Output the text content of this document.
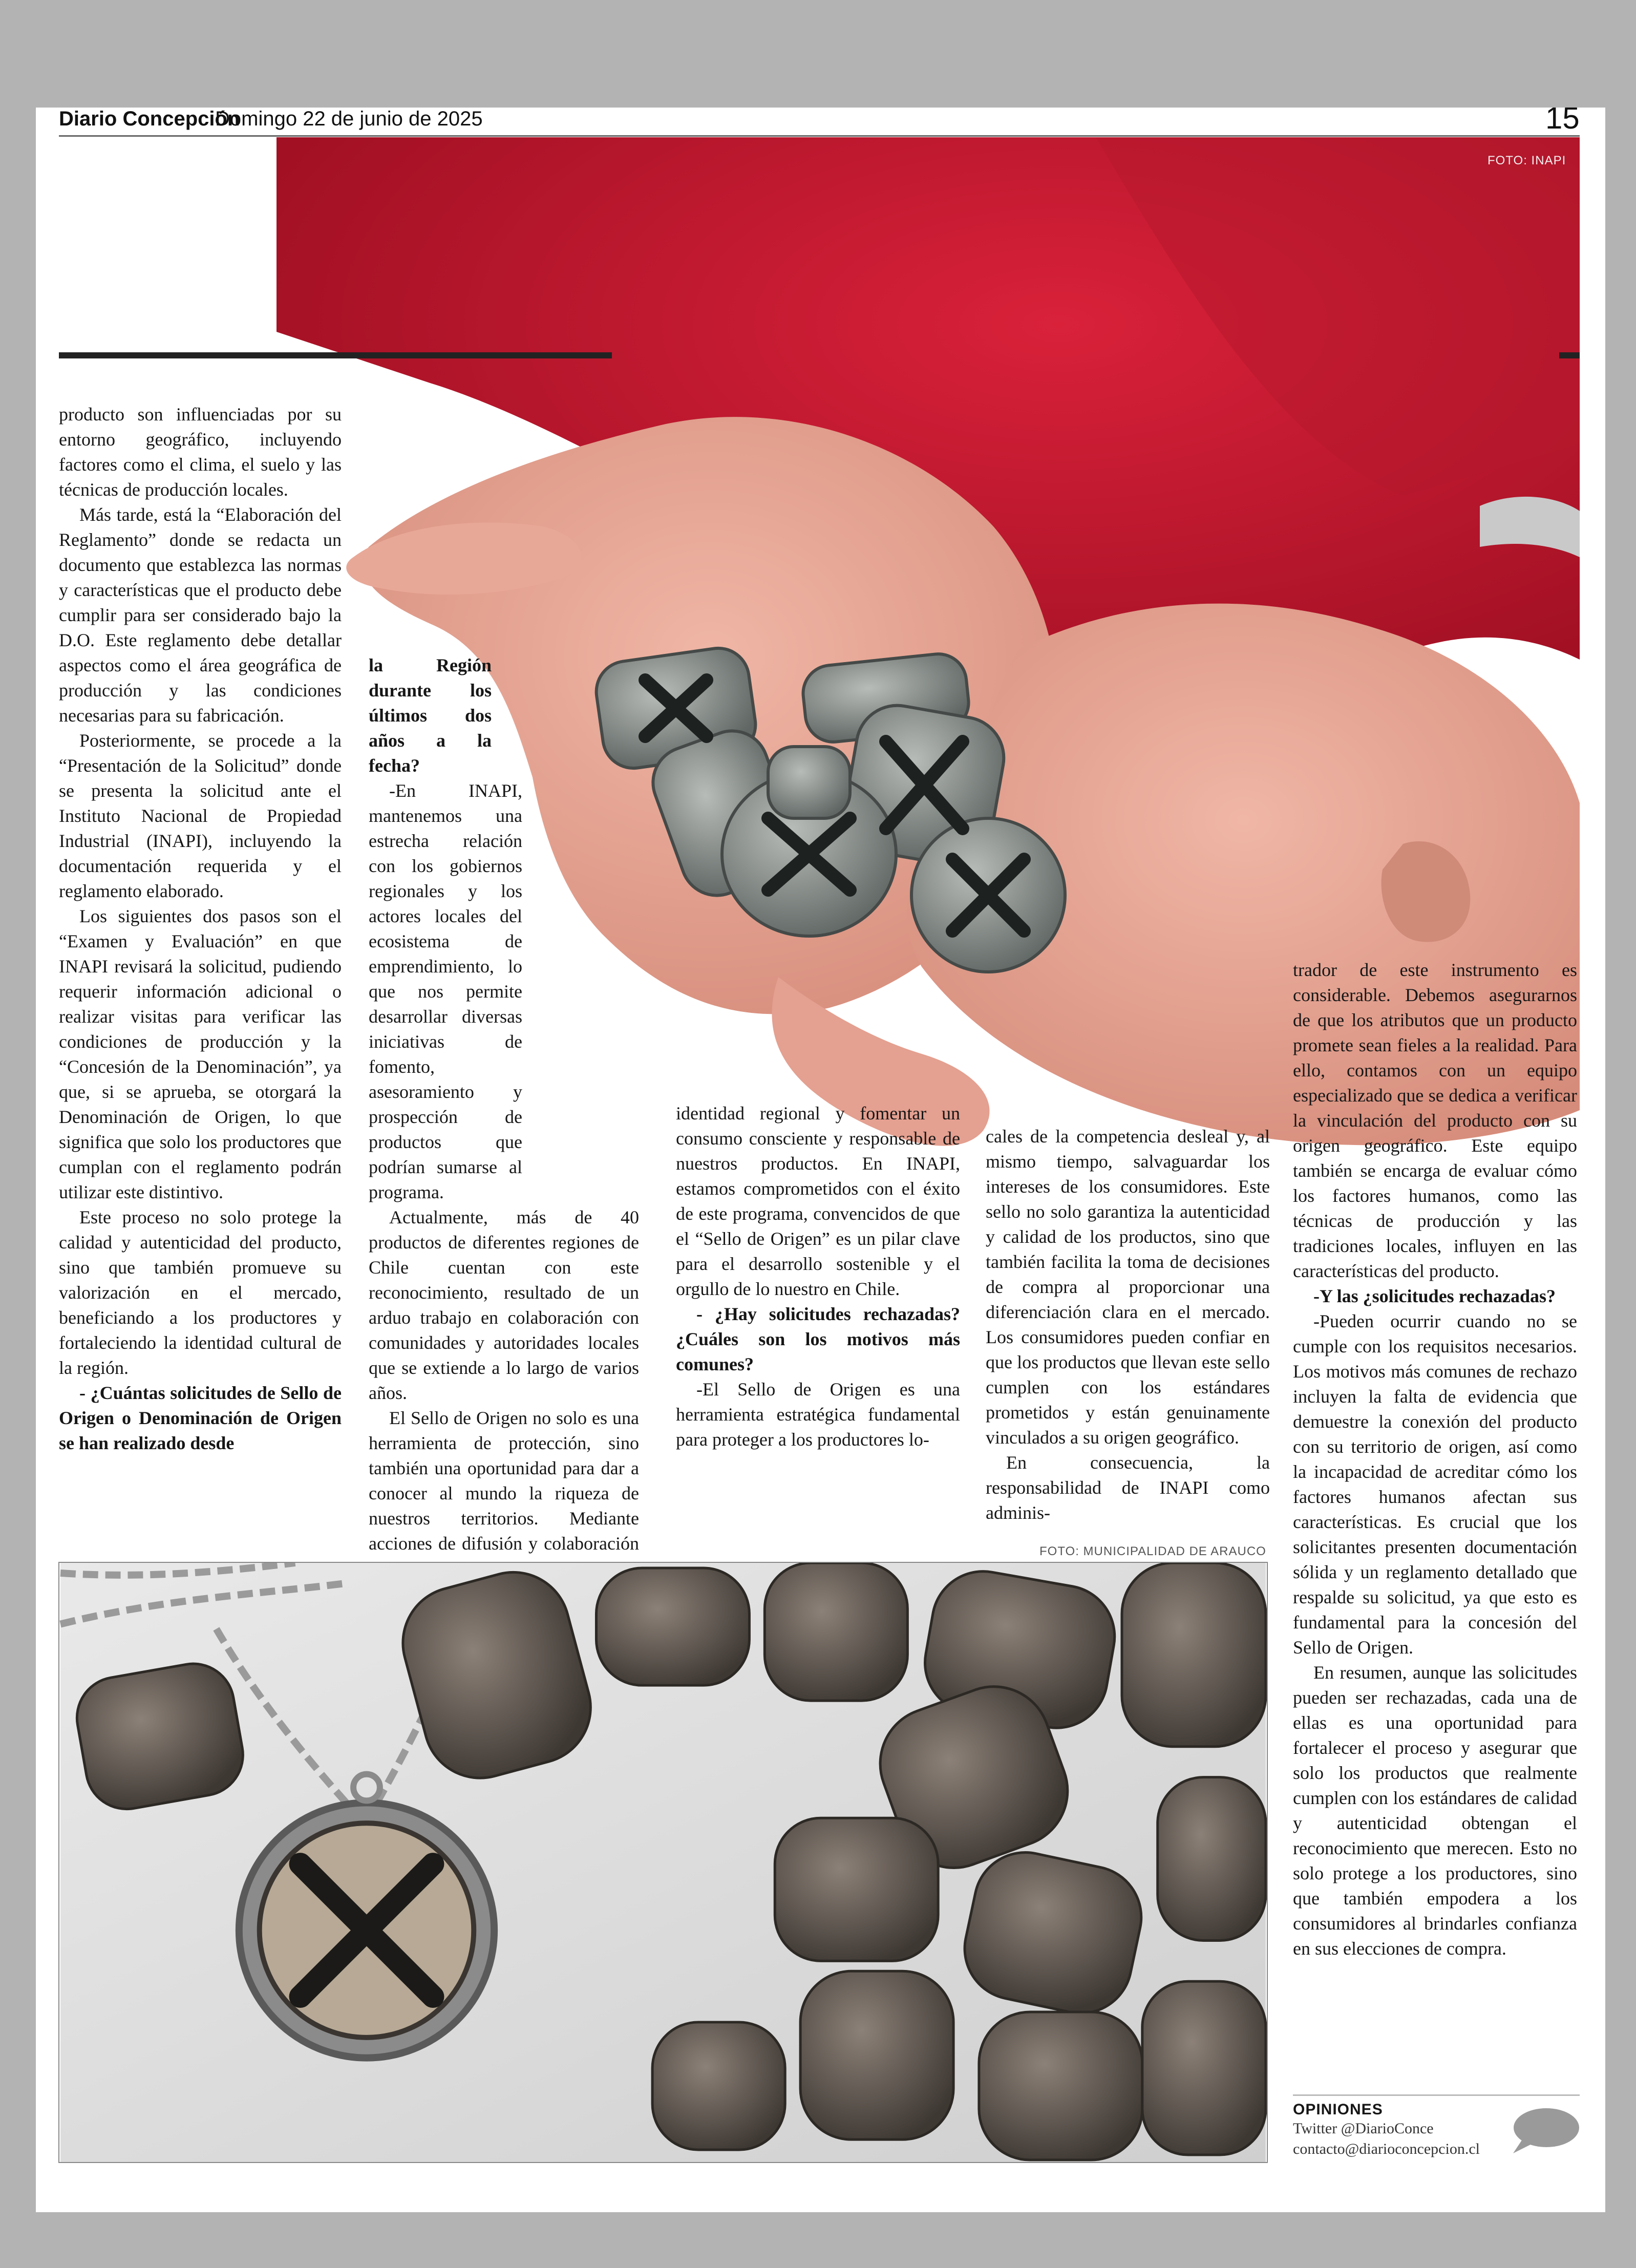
Diario Concepción
Domingo 22 de junio de 2025	15
FOTO: INAPI

producto son influenciadas por su entorno geográfico, incluyendo factores como el clima, el suelo y las técnicas de producción locales.

Más tarde, está la “Elaboración del Reglamento” donde se redacta un documento que establezca las normas y características que el producto debe cumplir para ser considerado bajo la D.O. Este reglamento debe detallar aspectos como el área geográfica de producción y las condiciones necesarias para su fabricación.

Posteriormente, se procede a la “Presentación de la Solicitud” donde se presenta la solicitud ante el Instituto Nacional de Propiedad Industrial (INAPI), incluyendo la documentación requerida y el reglamento elaborado.

Los siguientes dos pasos son el “Examen y Evaluación” en que INAPI revisará la solicitud, pudiendo requerir información adicional o realizar visitas para verificar las condiciones de producción y la “Concesión de la Denominación”, ya que, si se aprueba, se otorgará la Denominación de Origen, lo que significa que solo los productores que cumplan con el reglamento podrán utilizar este distintivo.

Este proceso no solo protege la calidad y autenticidad del producto, sino que también promueve su valorización en el mercado, beneficiando a los productores y fortaleciendo la identidad cultural de la región.

- ¿Cuántas solicitudes de Sello de Origen o Denominación de Origen se han realizado desde

la Región durante los últimos dos años a la fecha?

-En INAPI, mantenemos una estrecha relación con los gobiernos regionales y los actores locales del ecosistema de emprendimiento, lo que nos permite desarrollar diversas iniciativas de fomento, asesoramiento y prospección de productos que podrían sumarse al programa.

Actualmente, más de 40 productos de diferentes regiones de Chile cuentan con este reconocimiento, resultado de un arduo trabajo en colaboración con comunidades y autoridades locales que se extiende a lo largo de varios años.

El Sello de Origen no solo es una herramienta de protección, sino también una oportunidad para dar a conocer al mundo la riqueza de nuestros territorios. Mediante acciones de difusión y colaboración

identidad regional y fomentar un consumo consciente y responsable de nuestros productos. En INAPI, estamos comprometidos con el éxito de este programa, convencidos de que el “Sello de Origen” es un pilar clave para el desarrollo sostenible y el orgullo de lo nuestro en Chile.

- ¿Hay solicitudes rechazadas? ¿Cuáles son los motivos más comunes?

-El Sello de Origen es una herramienta estratégica fundamental para proteger a los productores lo-

cales de la competencia desleal y, al mismo tiempo, salvaguardar los intereses de los consumidores. Este sello no solo garantiza la autenticidad y calidad de los productos, sino que también facilita la toma de decisiones de compra al proporcionar una diferenciación clara en el mercado. Los consumidores pueden confiar en que los productos que llevan este sello cumplen con los estándares prometidos y están genuinamente vinculados a su origen geográfico.

En consecuencia, la responsabilidad de INAPI como adminis-

trador de este instrumento es considerable. Debemos asegurarnos de que los atributos que un producto promete sean fieles a la realidad. Para ello, contamos con un equipo especializado que se dedica a verificar la vinculación del producto con su origen geográfico. Este equipo también se encarga de evaluar cómo los factores humanos, como las técnicas de producción y las tradiciones locales, influyen en las características del producto.

-Y las ¿solicitudes rechazadas?

-Pueden ocurrir cuando no se cumple con los requisitos necesarios. Los motivos más comunes de rechazo incluyen la falta de evidencia que demuestre la conexión del producto con su territorio de origen, así como la incapacidad de acreditar cómo los factores humanos afectan sus características. Es crucial que los solicitantes presenten documentación sólida y un reglamento detallado que respalde su solicitud, ya que esto es fundamental para la concesión del Sello de Origen.

En resumen, aunque las solicitudes pueden ser rechazadas, cada una de ellas es una oportunidad para fortalecer el proceso y asegurar que solo los productos que realmente cumplen con los estándares de calidad y autenticidad obtengan el reconocimiento que merecen. Esto no solo protege a los productores, sino que también empodera a los consumidores al brindarles confianza en sus elecciones de compra.

FOTO: MUNICIPALIDAD DE ARAUCO
OPINIONES
Twitter @DiarioConce
contacto@diarioconcepcion.cl
